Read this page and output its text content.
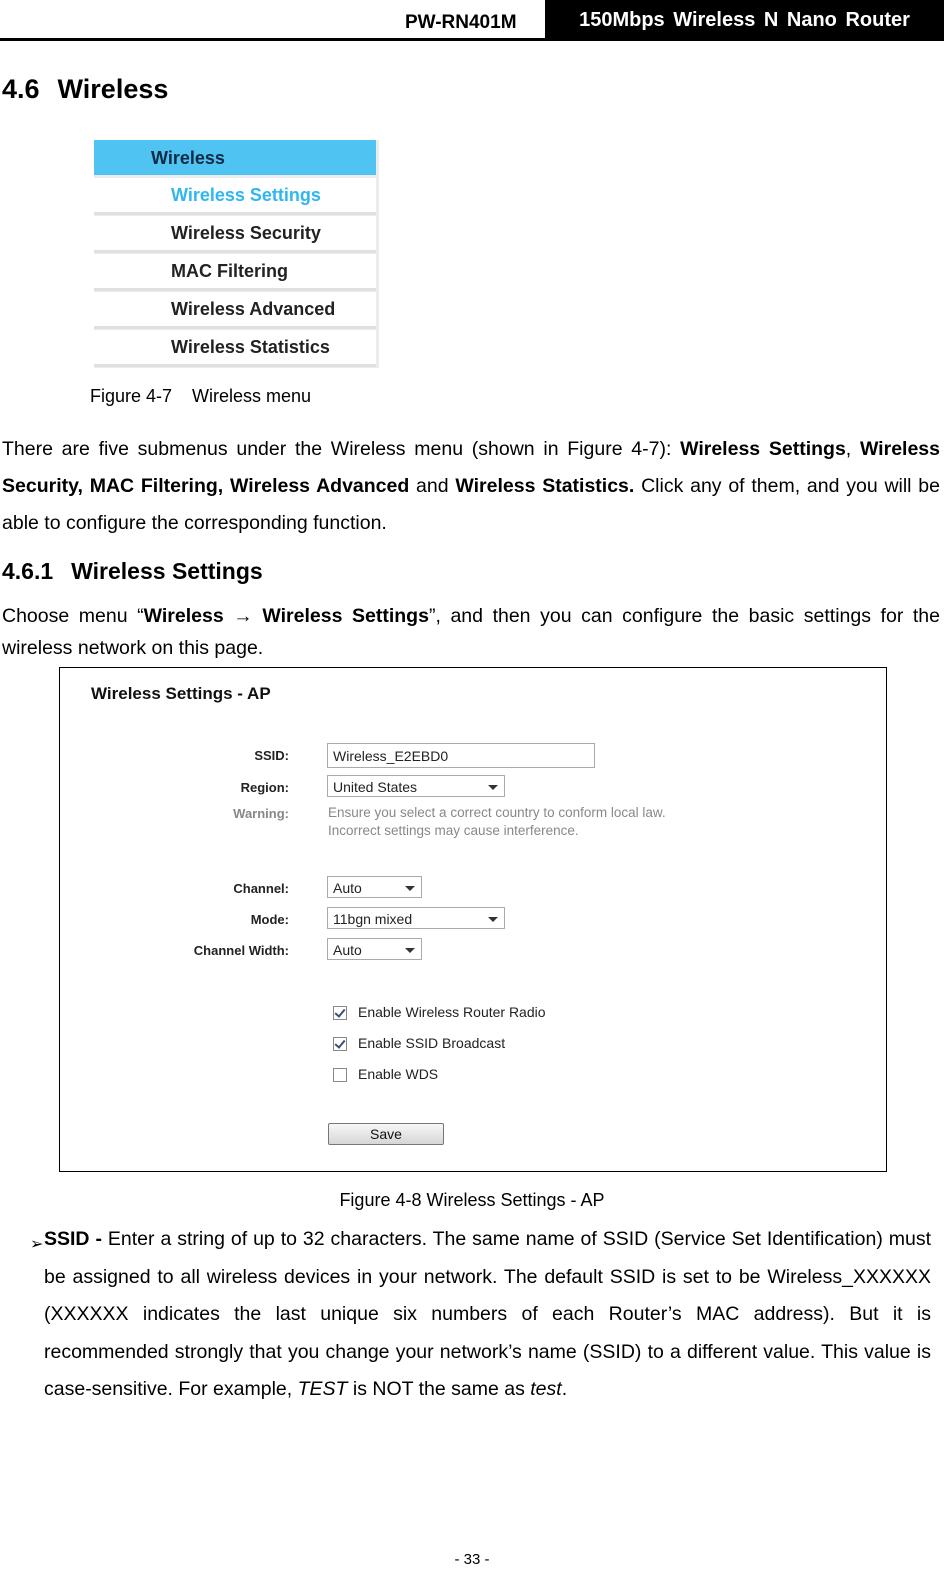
PW-RN401M	150Mbps Wireless N Nano Router
4.6 Wireless
Wireless
Wireless Settings
Wireless Security
MAC Filtering
Wireless Advanced
Wireless Statistics
Figure 4-7    Wireless menu
There are five submenus under the Wireless menu (shown in Figure 4-7): Wireless Settings, Wireless Security, MAC Filtering, Wireless Advanced and Wireless Statistics. Click any of them, and you will be able to configure the corresponding function.
4.6.1 Wireless Settings
Choose menu “Wireless → Wireless Settings”, and then you can configure the basic settings for the wireless network on this page.
Wireless Settings - AP
SSID:	Wireless_E2EBD0
Region:	United States
Warning:	Ensure you select a correct country to conform local law.
Incorrect settings may cause interference.
Channel:	Auto
Mode:	11bgn mixed
Channel Width:	Auto
Enable Wireless Router Radio
Enable SSID Broadcast
Enable WDS
Save
Figure 4-8 Wireless Settings - AP
➢ SSID - Enter a string of up to 32 characters. The same name of SSID (Service Set Identification) must be assigned to all wireless devices in your network. The default SSID is set to be Wireless_XXXXXX (XXXXXX indicates the last unique six numbers of each Router’s MAC address). But it is recommended strongly that you change your network’s name (SSID) to a different value. This value is case-sensitive. For example, TEST is NOT the same as test.
- 33 -
